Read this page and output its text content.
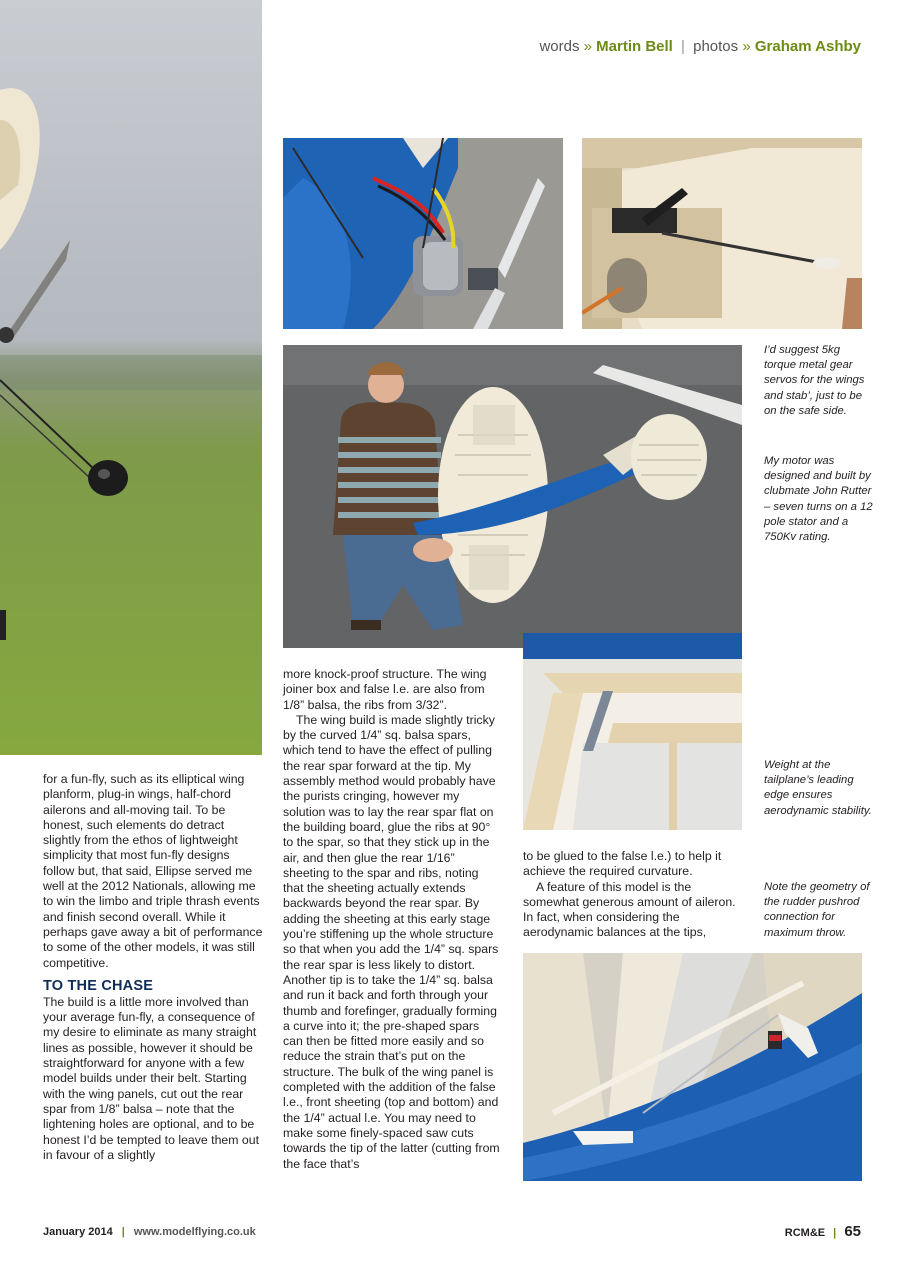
words » Martin Bell | photos » Graham Ashby
I’d suggest 5kg torque metal gear servos for the wings and stab’, just to be on the safe side.
My motor was designed and built by clubmate John Rutter – seven turns on a 12 pole stator and a 750Kv rating.
Weight at the tailplane’s leading edge ensures aerodynamic stability.
Note the geometry of the rudder pushrod connection for maximum throw.

for a fun-fly, such as its elliptical wing planform, plug-in wings, half-chord ailerons and all-moving tail. To be honest, such elements do detract slightly from the ethos of lightweight simplicity that most fun-fly designs follow but, that said, Ellipse served me well at the 2012 Nationals, allowing me to win the limbo and triple thrash events and finish second overall. While it perhaps gave away a bit of performance to some of the other models, it was still competitive.

TO THE CHASE

The build is a little more involved than your average fun-fly, a consequence of my desire to eliminate as many straight lines as possible, however it should be straightforward for anyone with a few model builds under their belt. Starting with the wing panels, cut out the rear spar from 1/8” balsa – note that the lightening holes are optional, and to be honest I’d be tempted to leave them out in favour of a slightly

more knock-proof structure. The wing joiner box and false l.e. are also from 1/8” balsa, the ribs from 3/32”.

The wing build is made slightly tricky by the curved 1/4” sq. balsa spars, which tend to have the effect of pulling the rear spar forward at the tip. My assembly method would probably have the purists cringing, however my solution was to lay the rear spar flat on the building board, glue the ribs at 90° to the spar, so that they stick up in the air, and then glue the rear 1/16” sheeting to the spar and ribs, noting that the sheeting actually extends backwards beyond the rear spar. By adding the sheeting at this early stage you’re stiffening up the whole structure so that when you add the 1/4” sq. spars the rear spar is less likely to distort. Another tip is to take the 1/4” sq. balsa and run it back and forth through your thumb and forefinger, gradually forming a curve into it; the pre-shaped spars can then be fitted more easily and so reduce the strain that’s put on the structure. The bulk of the wing panel is completed with the addition of the false l.e., front sheeting (top and bottom) and the 1/4” actual l.e. You may need to make some finely-spaced saw cuts towards the tip of the latter (cutting from the face that’s

to be glued to the false l.e.) to help it achieve the required curvature.

A feature of this model is the somewhat generous amount of aileron. In fact, when considering the aerodynamic balances at the tips,

January 2014 | www.modelflying.co.uk	RCM&E | 65
